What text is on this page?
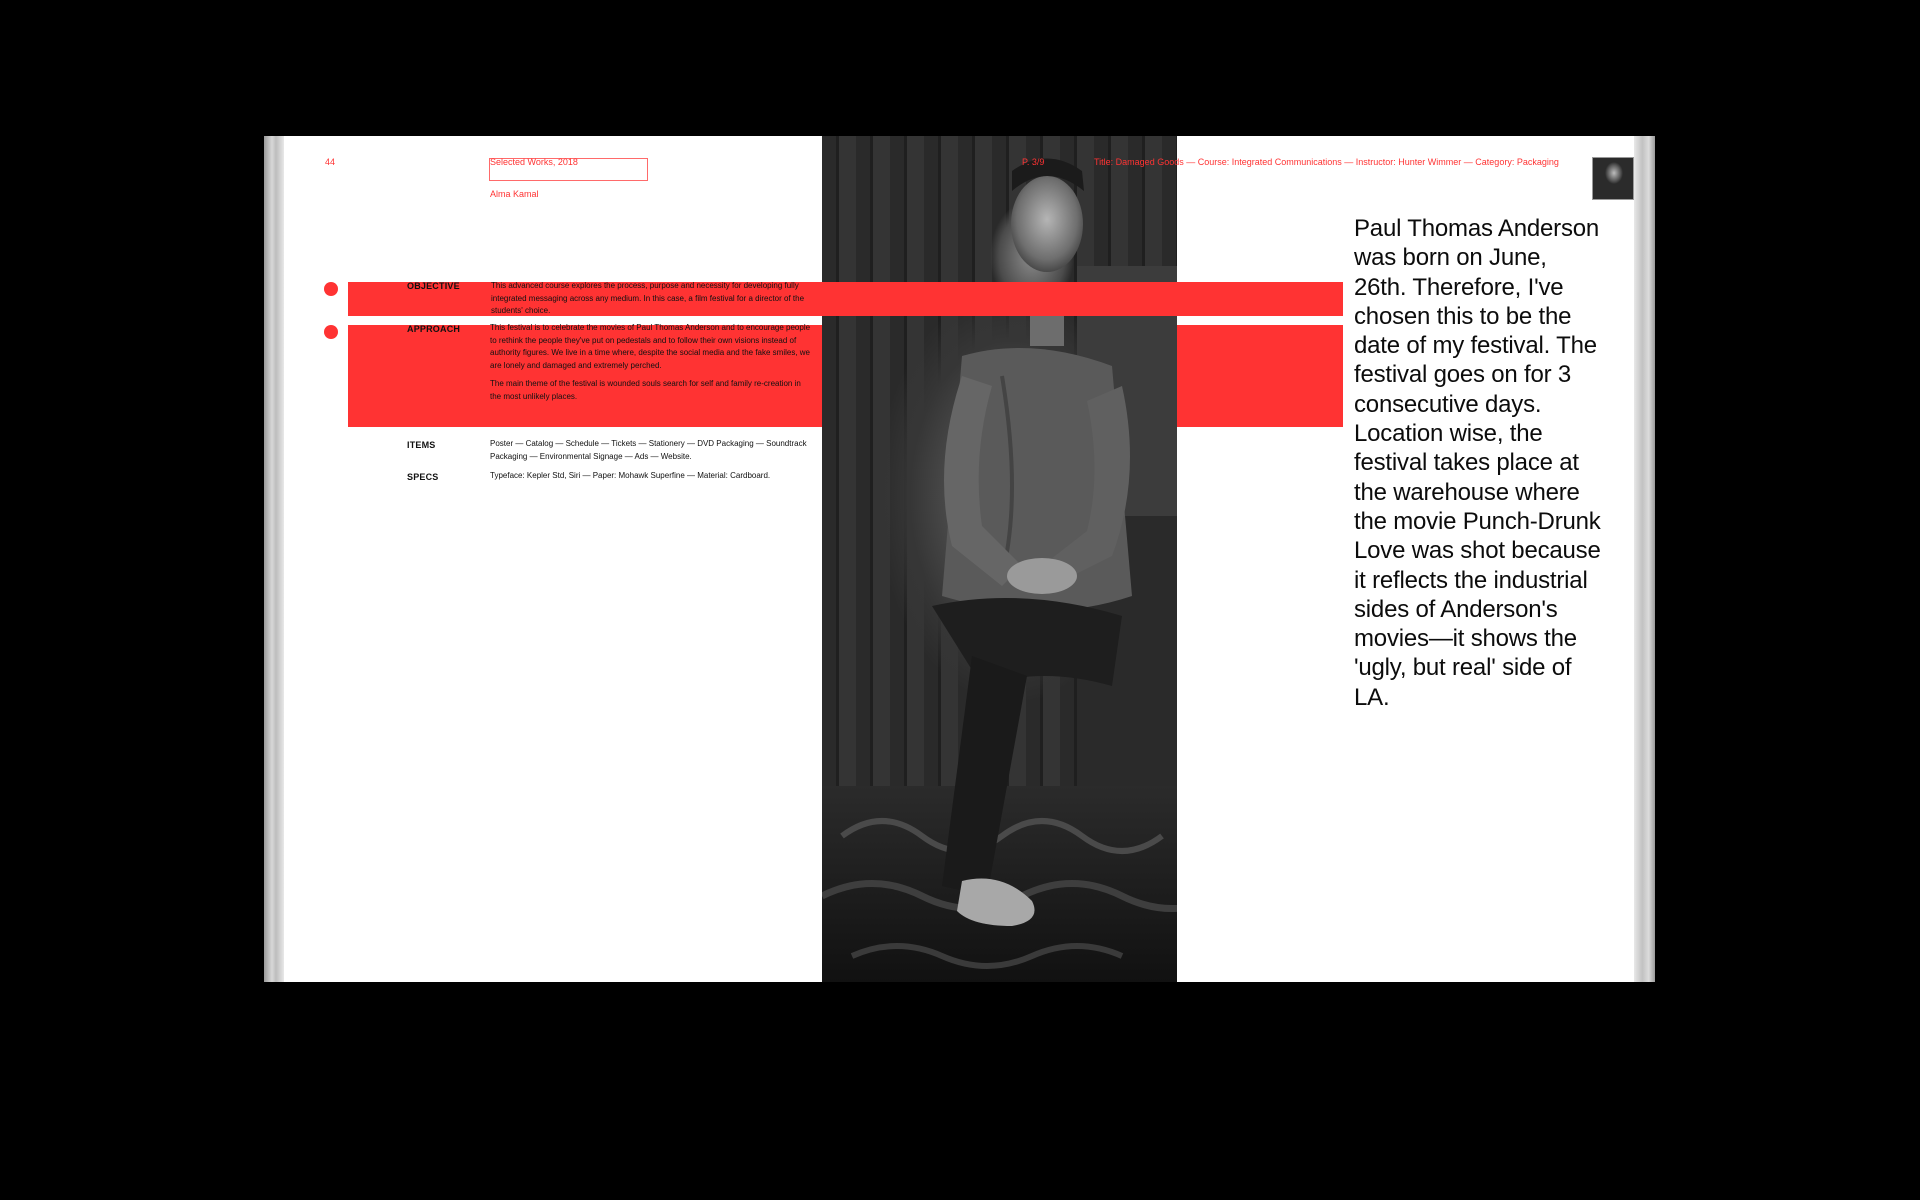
44	Selected Works, 2018
Alma Kamal
OBJECTIVE	This advanced course explores the process, purpose and necessity for developing fully integrated messaging across any medium. In this case, a film festival for a director of the students' choice.

APPROACH	This festival is to celebrate the movies of Paul Thomas Anderson and to encourage people to rethink the people they've put on pedestals and to follow their own visions instead of authority figures. We live in a time where, despite the social media and the fake smiles, we are lonely and damaged and extremely perched.

The main theme of the festival is wounded souls search for self and family re-creation in the most unlikely places.

ITEMS	Poster — Catalog — Schedule — Tickets — Stationery — DVD Packaging — Soundtrack Packaging — Environmental Signage — Ads — Website.

SPECS	Typeface: Kepler Std, Siri — Paper: Mohawk Superfine — Material: Cardboard.

P. 3/9	Title: Damaged Goods — Course: Integrated Communications — Instructor: Hunter Wimmer — Category: Packaging
Paul Thomas Anderson was born on June, 26th. Therefore, I've chosen this to be the date of my festival. The festival goes on for 3 consecutive days. Location wise, the festival takes place at the warehouse where the movie Punch-Drunk Love was shot because it reflects the industrial sides of Anderson's movies—it shows the 'ugly, but real' side of LA.
